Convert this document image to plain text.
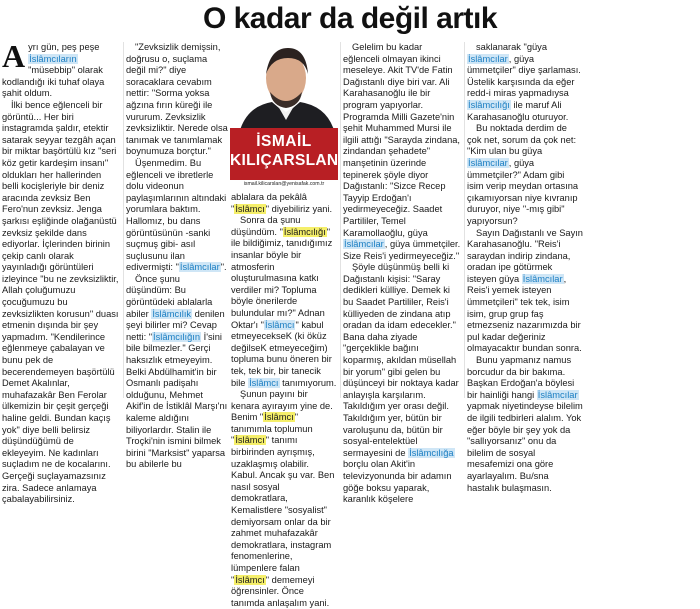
O kadar da değil artık
A yrı gün, peş peşe İslâmcıların "müsebbip" olarak kodlandığı iki tuhaf olaya şahit oldum.

İlki bence eğlenceli bir görüntü... Her biri instagramda şaldır, etektir satarak seyyar tezgâh açan bir miktar başörtülü kız "seri köz getir kardeşim insanı" oldukları her hallerinden belli kocişleriyle bir deniz aracında zevksiz Ben Fero'nun zevksiz. Jenga şarkısı eşliğinde olağanüstü zevksiz şekilde dans ediyorlar. İçlerinden birinin çekip canlı olarak yayınladığı görüntüleri izleyince "bu ne zevksizliktir, Allah çoluğumuzu çocuğumuzu bu zevksizlikten korusun" duası etmenin dışında bir şey yapmadım. "Kendilerince eğlenmeye çabalayan ve bunu pek de becerendemeyen başörtülü Demet Akalınlar, muhafazakâr Ben Ferolar ülkemizin bir çeşit gerçeği haline geldi. Bundan kaçış yok" diye belli belirsiz düşündüğümü de ekleyeyim. Ne kadınları suçladım ne de kocalarını. Gerçeği suçlayamazsınız zira. Sadece anlamaya çabalayabilirsiniz.

"Zevksizlik demişsin, doğrusu o, suçlama değil mi?" diye soracaklara cevabım nettir: "Sorma yoksa ağzına fırın küreği ile vururum. Zevksizlik zevksizliktir. Nerede olsa tanımak ve tanımlamak boynumuza borçtur."

Üşenmedim. Bu eğlenceli ve ibretlerle dolu videonun paylaşımlarının altındaki yorumlara baktım. Hallomız, bu dans görüntüsünün -sanki suçmuş gibi- asıl suçlusunu ilan edivermişti: "İslâmcılar".

Önce şunu düşündüm: Bu görüntüdeki ablalarla abiler İslâmcılık denilen şeyi bilirler mi? Cevap netti: "İslâmcılığın İ'sini bile bilmezler." Gerçi haksızlık etmeyeyim. Belki Abdülhamit'in bir Osmanlı padişahı olduğunu, Mehmet Akif'in de İstiklâl Marşı'nı kaleme aldığını biliyorlardır. Stalin ile Troçki'nin ismini bilmek birini "Marksist" yaparsa bu abilerle bu

İSMAİL
KILIÇARSLAN
ismail.kilicarslan@yenisafak.com.tr

ablalara da pekâlâ "İslâmcı" diyebiliriz yani.

Sonra da şunu düşündüm. "İslâmcılığı" ile bildiğimiz, tanıdığımız insanlar böyle bir atmosferin oluşturulmasına katkı verdiler mi? Topluma böyle önerilerde bulundular mı?" Adnan Oktar'ı "İslâmcı" kabul etmeyecekseK (ki öküz değilseK etmeyeceğim) topluma bunu öneren bir tek, tek bir, bir tanecik bile İslâmcı tanımıyorum.

Şunun payını bir kenara ayırayım yine de. Benim "İslâmcı" tanımımla toplumun "İslâmcı" tanımı birbirinden ayrışmış, uzaklaşmış olabilir. Kabul. Ancak şu var. Ben nasıl sosyal demokratlara, Kemalistlere "sosyalist" demiyorsam onlar da bir zahmet muhafazakâr demokratlara, instagram fenomenlerine, lümpenlere falan "İslâmcı" dememeyi öğrensinler. Önce tanımda anlaşalım yani.

Gelelim bu kadar eğlenceli olmayan ikinci meseleye. Akit TV'de Fatin Dağıstanlı diye biri var. Ali Karahasanoğlu ile bir program yapıyorlar. Programda Milli Gazete'nin şehit Muhammed Mursi ile ilgili attığı "Sarayda zindana, zindandan şehadete" manşetinin üzerinde tepinerek şöyle diyor Dağıstanlı: "Sizce Recep Tayyip Erdoğan'ı yedirmeyeceğiz. Saadet Partililer, Temel Karamollaoğlu, güya İslâmcılar, güya ümmetçiler. Size Reis'i yedirmeyeceğiz."

Şöyle düşünmüş belli ki Dağıstanlı kişisi: "Saray dedikleri külliye. Demek ki bu Saadet Partililer, Reis'i külliyeden de zindana atıp oradan da idam edecekler." Bana daha ziyade "gerçeklikle bağını koparmış, akıldan müsellah bir yorum" gibi gelen bu düşünceyi bir noktaya kadar anlayışla karşılarım. Takıldığım yer orası değil. Takıldığım yer, bütün bir varoluşunu da, bütün bir sosyal-entelektüel sermayesini de İslâmcılığa borçlu olan Akit'in televizyonunda bir adamın göğe boksu yaparak, karanlık köşelere

saklanarak "güya İslâmcılar, güya ümmetçiler" diye şarlaması. Üstelik karşısında da eğer redd-i miras yapmadıysa İslâmcılığı ile maruf Ali Karahasanoğlu oturuyor.

Bu noktada derdim de çok net, sorum da çok net: "Kim ulan bu güya İslâmcılar, güya ümmetçiler?" Adam gibi isim verip meydan ortasına çıkamıyorsan niye kıvranıp duruyor, niye "-mış gibi" yapıyorsun?

Sayın Dağıstanlı ve Sayın Karahasanoğlu. "Reis'i saraydan indirip zindana, oradan ipe götürmek isteyen güya İslâmcılar, Reis'i yemek isteyen ümmetçileri" tek tek, isim isim, grup grup faş etmezseniz nazarımızda bir pul kadar değeriniz olmayacaktır bundan sonra.

Bunu yapmanız namus borcudur da bir bakıma. Başkan Erdoğan'a böylesi bir hainliği hangi İslâmcılar yapmak niyetindeyse bilelim de ilgili tedbirleri alalım. Yok eğer böyle bir şey yok da "sallıyorsanız" onu da bilelim de sosyal mesafemizi ona göre ayarlayalım. Bu/sna hastalık bulaşmasın.
